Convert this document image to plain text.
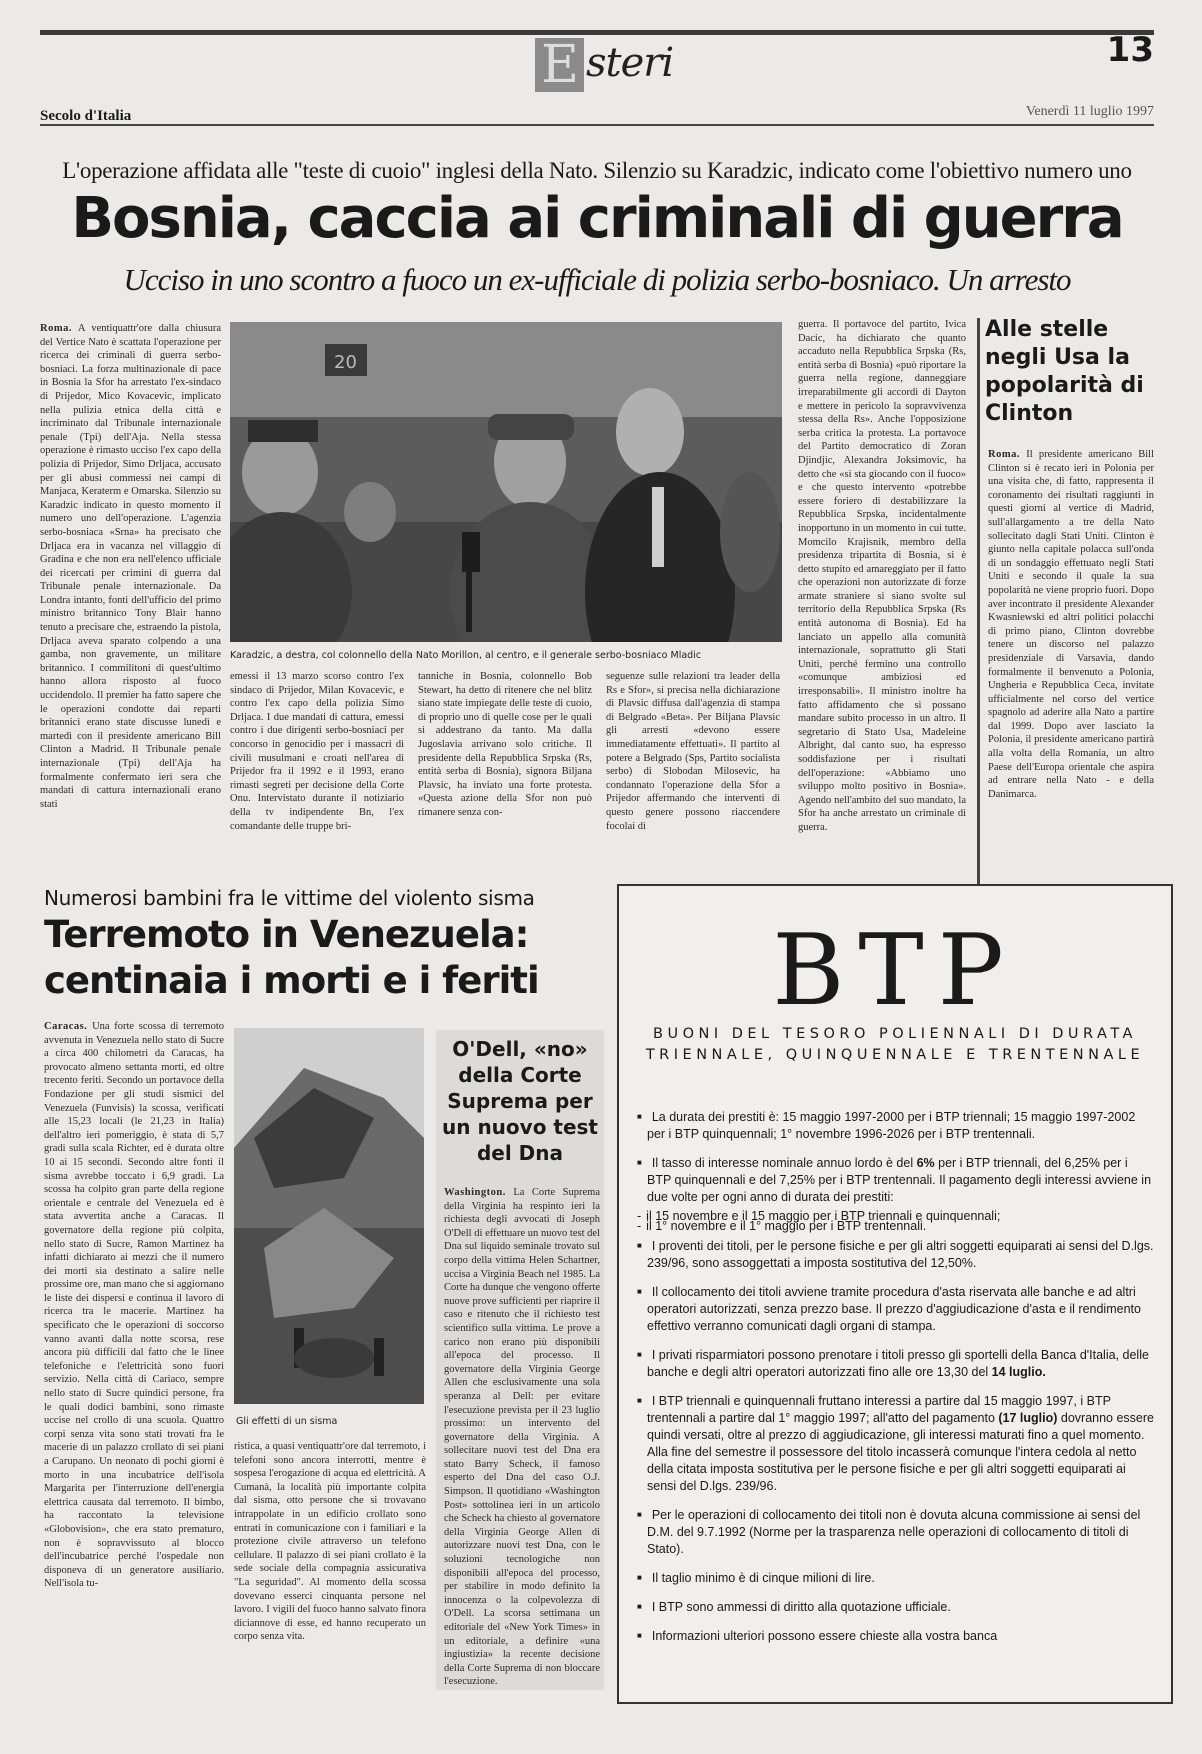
E steri	13
Secolo d'Italia	Venerdì 11 luglio 1997
L'operazione affidata alle "teste di cuoio" inglesi della Nato. Silenzio su Karadzic, indicato come l'obiettivo numero uno
Bosnia, caccia ai criminali di guerra
Ucciso in uno scontro a fuoco un ex-ufficiale di polizia serbo-bosniaco. Un arresto
Roma. A ventiquattr'ore dalla chiusura del Vertice Nato è scattata l'operazione per ricerca dei criminali di guerra serbo-bosniaci. La forza multinazionale di pace in Bosnia la Sfor ha arrestato l'ex-sindaco di Prijedor, Mico Kovacevic, implicato nella pulizia etnica della città e incriminato dal Tribunale internazionale penale (Tpi) dell'Aja. Nella stessa operazione è rimasto ucciso l'ex capo della polizia di Prijedor, Simo Drljaca, accusato per gli abusi commessi nei campi di Manjaca, Keraterm e Omarska. Silenzio su Karadzic indicato in questo momento il numero uno dell'operazione. L'agenzia serbo-bosniaca «Srna» ha precisato che Drljaca era in vacanza nel villaggio di Gradina e che non era nell'elenco ufficiale dei ricercati per crimini di guerra dal Tribunale penale internazionale. Da Londra intanto, fonti dell'ufficio del primo ministro britannico Tony Blair hanno tenuto a precisare che, estraendo la pistola, Drljaca aveva sparato colpendo a una gamba, non gravemente, un militare britannico. I commilitoni di quest'ultimo hanno allora risposto al fuoco uccidendolo. Il premier ha fatto sapere che le operazioni condotte dai reparti britannici erano state discusse lunedì e martedì con il presidente americano Bill Clinton a Madrid. Il Tribunale penale internazionale (Tpi) dell'Aja ha formalmente confermato ieri sera che mandati di cattura internazionali erano stati
20
Karadzic, a destra, col colonnello della Nato Morillon, al centro, e il generale serbo-bosniaco Mladic
emessi il 13 marzo scorso contro l'ex sindaco di Prijedor, Milan Kovacevic, e contro l'ex capo della polizia Simo Drljaca. I due mandati di cattura, emessi contro i due dirigenti serbo-bosniaci per concorso in genocidio per i massacri di civili musulmani e croati nell'area di Prijedor fra il 1992 e il 1993, erano rimasti segreti per decisione della Corte Onu. Intervistato durante il notiziario della tv indipendente Bn, l'ex comandante delle truppe bri-
tanniche in Bosnia, colonnello Bob Stewart, ha detto di ritenere che nel blitz siano state impiegate delle teste di cuoio, di proprio uno di quelle cose per le quali si addestrano da tanto. Ma dalla Jugoslavia arrivano solo critiche. Il presidente della Repubblica Srpska (Rs, entità serba di Bosnia), signora Biljana Plavsic, ha inviato una forte protesta. «Questa azione della Sfor non può rimanere senza con-
seguenze sulle relazioni tra leader della Rs e Sfor», si precisa nella dichiarazione di Plavsic diffusa dall'agenzia di stampa di Belgrado «Beta». Per Biljana Plavsic gli arresti «devono essere immediatamente effettuati». Il partito al potere a Belgrado (Sps, Partito socialista serbo) di Slobodan Milosevic, ha condannato l'operazione della Sfor a Prijedor affermando che interventi di questo genere possono riaccendere focolai di
guerra. Il portavoce del partito, Ivica Dacic, ha dichiarato che quanto accaduto nella Repubblica Srpska (Rs, entità serba di Bosnia) «può riportare la guerra nella regione, danneggiare irreparabilmente gli accordi di Dayton e mettere in pericolo la sopravvivenza stessa della Rs». Anche l'opposizione serba critica la protesta. La portavoce del Partito democratico di Zoran Djindjic, Alexandra Joksimovic, ha detto che «si sta giocando con il fuoco» e che questo intervento «potrebbe essere foriero di destabilizzare la Repubblica Srpska, incidentalmente inopportuno in un momento in cui tutte. Momcilo Krajisnik, membro della presidenza tripartita di Bosnia, si è detto stupito ed amareggiato per il fatto che operazioni non autorizzate di forze armate straniere si siano svolte sul territorio della Repubblica Srpska (Rs entità autonoma di Bosnia). Ed ha lanciato un appello alla comunità internazionale, soprattutto gli Stati Uniti, perché fermino una controllo «comunque ambiziosi ed irresponsabili». Il ministro inoltre ha fatto affidamento che si possano mandare subito processo in un altro. Il segretario di Stato Usa, Madeleine Albright, dal canto suo, ha espresso soddisfazione per i risultati dell'operazione: «Abbiamo uno sviluppo molto positivo in Bosnia». Agendo nell'ambito del suo mandato, la Sfor ha anche arrestato un criminale di guerra.
Alle stelle negli Usa la popolarità di Clinton
Roma. Il presidente americano Bill Clinton si è recato ieri in Polonia per una visita che, di fatto, rappresenta il coronamento dei risultati raggiunti in questi giorni al vertice di Madrid, sull'allargamento a tre della Nato sollecitato dagli Stati Uniti. Clinton è giunto nella capitale polacca sull'onda di un sondaggio effettuato negli Stati Uniti e secondo il quale la sua popolarità ne viene proprio fuori. Dopo aver incontrato il presidente Alexander Kwasniewski ed altri politici polacchi di primo piano, Clinton dovrebbe tenere un discorso nel palazzo presidenziale di Varsavia, dando formalmente il benvenuto a Polonia, Ungheria e Repubblica Ceca, invitate ufficialmente nel corso del vertice spagnolo ad aderire alla Nato a partire dal 1999. Dopo aver lasciato la Polonia, il presidente americano partirà alla volta della Romania, un altro Paese dell'Europa orientale che aspira ad entrare nella Nato - e della Danimarca.
Numerosi bambini fra le vittime del violento sisma
Terremoto in Venezuela: centinaia i morti e i feriti
Caracas. Una forte scossa di terremoto avvenuta in Venezuela nello stato di Sucre a circa 400 chilometri da Caracas, ha provocato almeno settanta morti, ed oltre trecento feriti. Secondo un portavoce della Fondazione per gli studi sismici del Venezuela (Funvisis) la scossa, verificati alle 15,23 locali (le 21,23 in Italia) dell'altro ieri pomeriggio, è stata di 5,7 gradi sulla scala Richter, ed è durata oltre 10 ai 15 secondi. Secondo altre fonti il sisma avrebbe toccato i 6,9 gradi. La scossa ha colpito gran parte della regione orientale e centrale del Venezuela ed è stata avvertita anche a Caracas. Il governatore della regione più colpita, nello stato di Sucre, Ramon Martinez ha infatti dichiarato ai mezzi che il numero dei morti sia destinato a salire nelle prossime ore, man mano che si aggiornano le liste dei dispersi e continua il lavoro di ricerca tra le macerie. Martinez ha specificato che le operazioni di soccorso vanno avanti dalla notte scorsa, rese ancora più difficili dal fatto che le linee telefoniche e l'elettricità sono fuori servizio. Nella città di Cariaco, sempre nello stato di Sucre quindici persone, fra le quali dodici bambini, sono rimaste uccise nel crollo di una scuola. Quattro corpi senza vita sono stati trovati fra le macerie di un palazzo crollato di sei piani a Carupano. Un neonato di pochi giorni è morto in una incubatrice dell'isola Margarita per l'interruzione dell'energia elettrica causata dal terremoto. Il bimbo, ha raccontato la televisione «Globovision», che era stato prematuro, non è sopravvissuto al blocco dell'incubatrice perché l'ospedale non disponeva di un generatore ausiliario. Nell'isola tu-
Gli effetti di un sisma
ristica, a quasi ventiquattr'ore dal terremoto, i telefoni sono ancora interrotti, mentre è sospesa l'erogazione di acqua ed elettricità. A Cumanà, la località più importante colpita dal sisma, otto persone che si trovavano intrappolate in un edificio crollato sono entrati in comunicazione con i familiari e la protezione civile attraverso un telefono cellulare. Il palazzo di sei piani crollato è la sede sociale della compagnia assicurativa "La seguridad". Al momento della scossa dovevano esserci cinquanta persone nel lavoro. I vigili del fuoco hanno salvato finora diciannove di esse, ed hanno recuperato un corpo senza vita.
O'Dell, «no» della Corte Suprema per un nuovo test del Dna
Washington. La Corte Suprema della Virginia ha respinto ieri la richiesta degli avvocati di Joseph O'Dell di effettuare un nuovo test del Dna sul liquido seminale trovato sul corpo della vittima Helen Schartner, uccisa a Virginia Beach nel 1985. La Corte ha dunque che vengono offerte nuove prove sufficienti per riaprire il caso e ritenuto che il richiesto test scientifico sulla vittima. Le prove a carico non erano più disponibili all'epoca del processo. Il governatore della Virginia George Allen che esclusivamente una sola speranza al Dell: per evitare l'esecuzione prevista per il 23 luglio prossimo: un intervento del governatore della Virginia. A sollecitare nuovi test del Dna era stato Barry Scheck, il famoso esperto del Dna del caso O.J. Simpson. Il quotidiano «Washington Post» sottolinea ieri in un articolo che Scheck ha chiesto al governatore della Virginia George Allen di autorizzare nuovi test Dna, con le soluzioni tecnologiche non disponibili all'epoca del processo, per stabilire in modo definito la innocenza o la colpevolezza di O'Dell. La scorsa settimana un editoriale del «New York Times» in un editoriale, a definire «una ingiustizia» la recente decisione della Corte Suprema di non bloccare l'esecuzione.
BTP
BUONI DEL TESORO POLIENNALI DI DURATA TRIENNALE, QUINQUENNALE E TRENTENNALE
■ La durata dei prestiti è: 15 maggio 1997-2000 per i BTP triennali; 15 maggio 1997-2002 per i BTP quinquennali; 1° novembre 1996-2026 per i BTP trentennali.
■ Il tasso di interesse nominale annuo lordo è del 6% per i BTP triennali, del 6,25% per i BTP quinquennali e del 7,25% per i BTP trentennali. Il pagamento degli interessi avviene in due volte per ogni anno di durata dei prestiti:
- il 15 novembre e il 15 maggio per i BTP triennali e quinquennali;
- il 1° novembre e il 1° maggio per i BTP trentennali.
■ I proventi dei titoli, per le persone fisiche e per gli altri soggetti equiparati ai sensi del D.lgs. 239/96, sono assoggettati a imposta sostitutiva del 12,50%.
■ Il collocamento dei titoli avviene tramite procedura d'asta riservata alle banche e ad altri operatori autorizzati, senza prezzo base. Il prezzo d'aggiudicazione d'asta e il rendimento effettivo verranno comunicati dagli organi di stampa.
■ I privati risparmiatori possono prenotare i titoli presso gli sportelli della Banca d'Italia, delle banche e degli altri operatori autorizzati fino alle ore 13,30 del 14 luglio.
■ I BTP triennali e quinquennali fruttano interessi a partire dal 15 maggio 1997, i BTP trentennali a partire dal 1° maggio 1997; all'atto del pagamento (17 luglio) dovranno essere quindi versati, oltre al prezzo di aggiudicazione, gli interessi maturati fino a quel momento. Alla fine del semestre il possessore del titolo incasserà comunque l'intera cedola al netto della citata imposta sostitutiva per le persone fisiche e per gli altri soggetti equiparati ai sensi del D.lgs. 239/96.
■ Per le operazioni di collocamento dei titoli non è dovuta alcuna commissione ai sensi del D.M. del 9.7.1992 (Norme per la trasparenza nelle operazioni di collocamento di titoli di Stato).
■ Il taglio minimo è di cinque milioni di lire.
■ I BTP sono ammessi di diritto alla quotazione ufficiale.
■ Informazioni ulteriori possono essere chieste alla vostra banca
